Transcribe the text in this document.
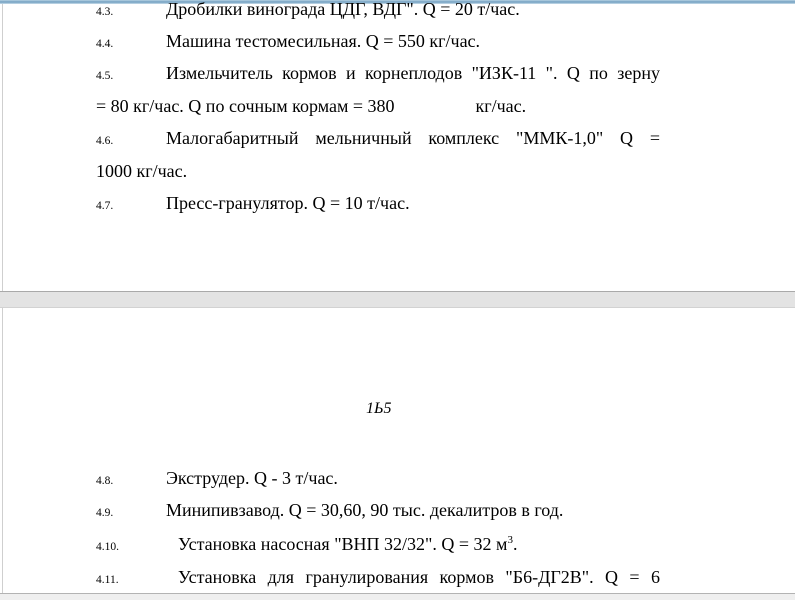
4.3.	Дробилки винограда ЦДГ, ВДГ". Q = 20 т/час.
4.4.	Машина тестомесильная. Q = 550 кг/час.
4.5.	Измельчитель кормов и корнеплодов "ИЗК-11 ". Q по зерну
= 80 кг/час. Q по сочным кормам = 380	кг/час.
4.6.	Малогабаритный мельничный комплекс "ММК-1,0" Q =
1000 кг/час.
4.7.	Пресс-гранулятор. Q = 10 т/час.
1Ь5
4.8.	Экструдер. Q - 3 т/час.
4.9.	Минипивзавод. Q = 30,60, 90 тыс. декалитров в год.
4.10.	Установка насосная "ВНП 32/32". Q = 32 $м^3$.
4.11.	Установка для гранулирования кормов "Б6-ДГ2В". Q = 6
